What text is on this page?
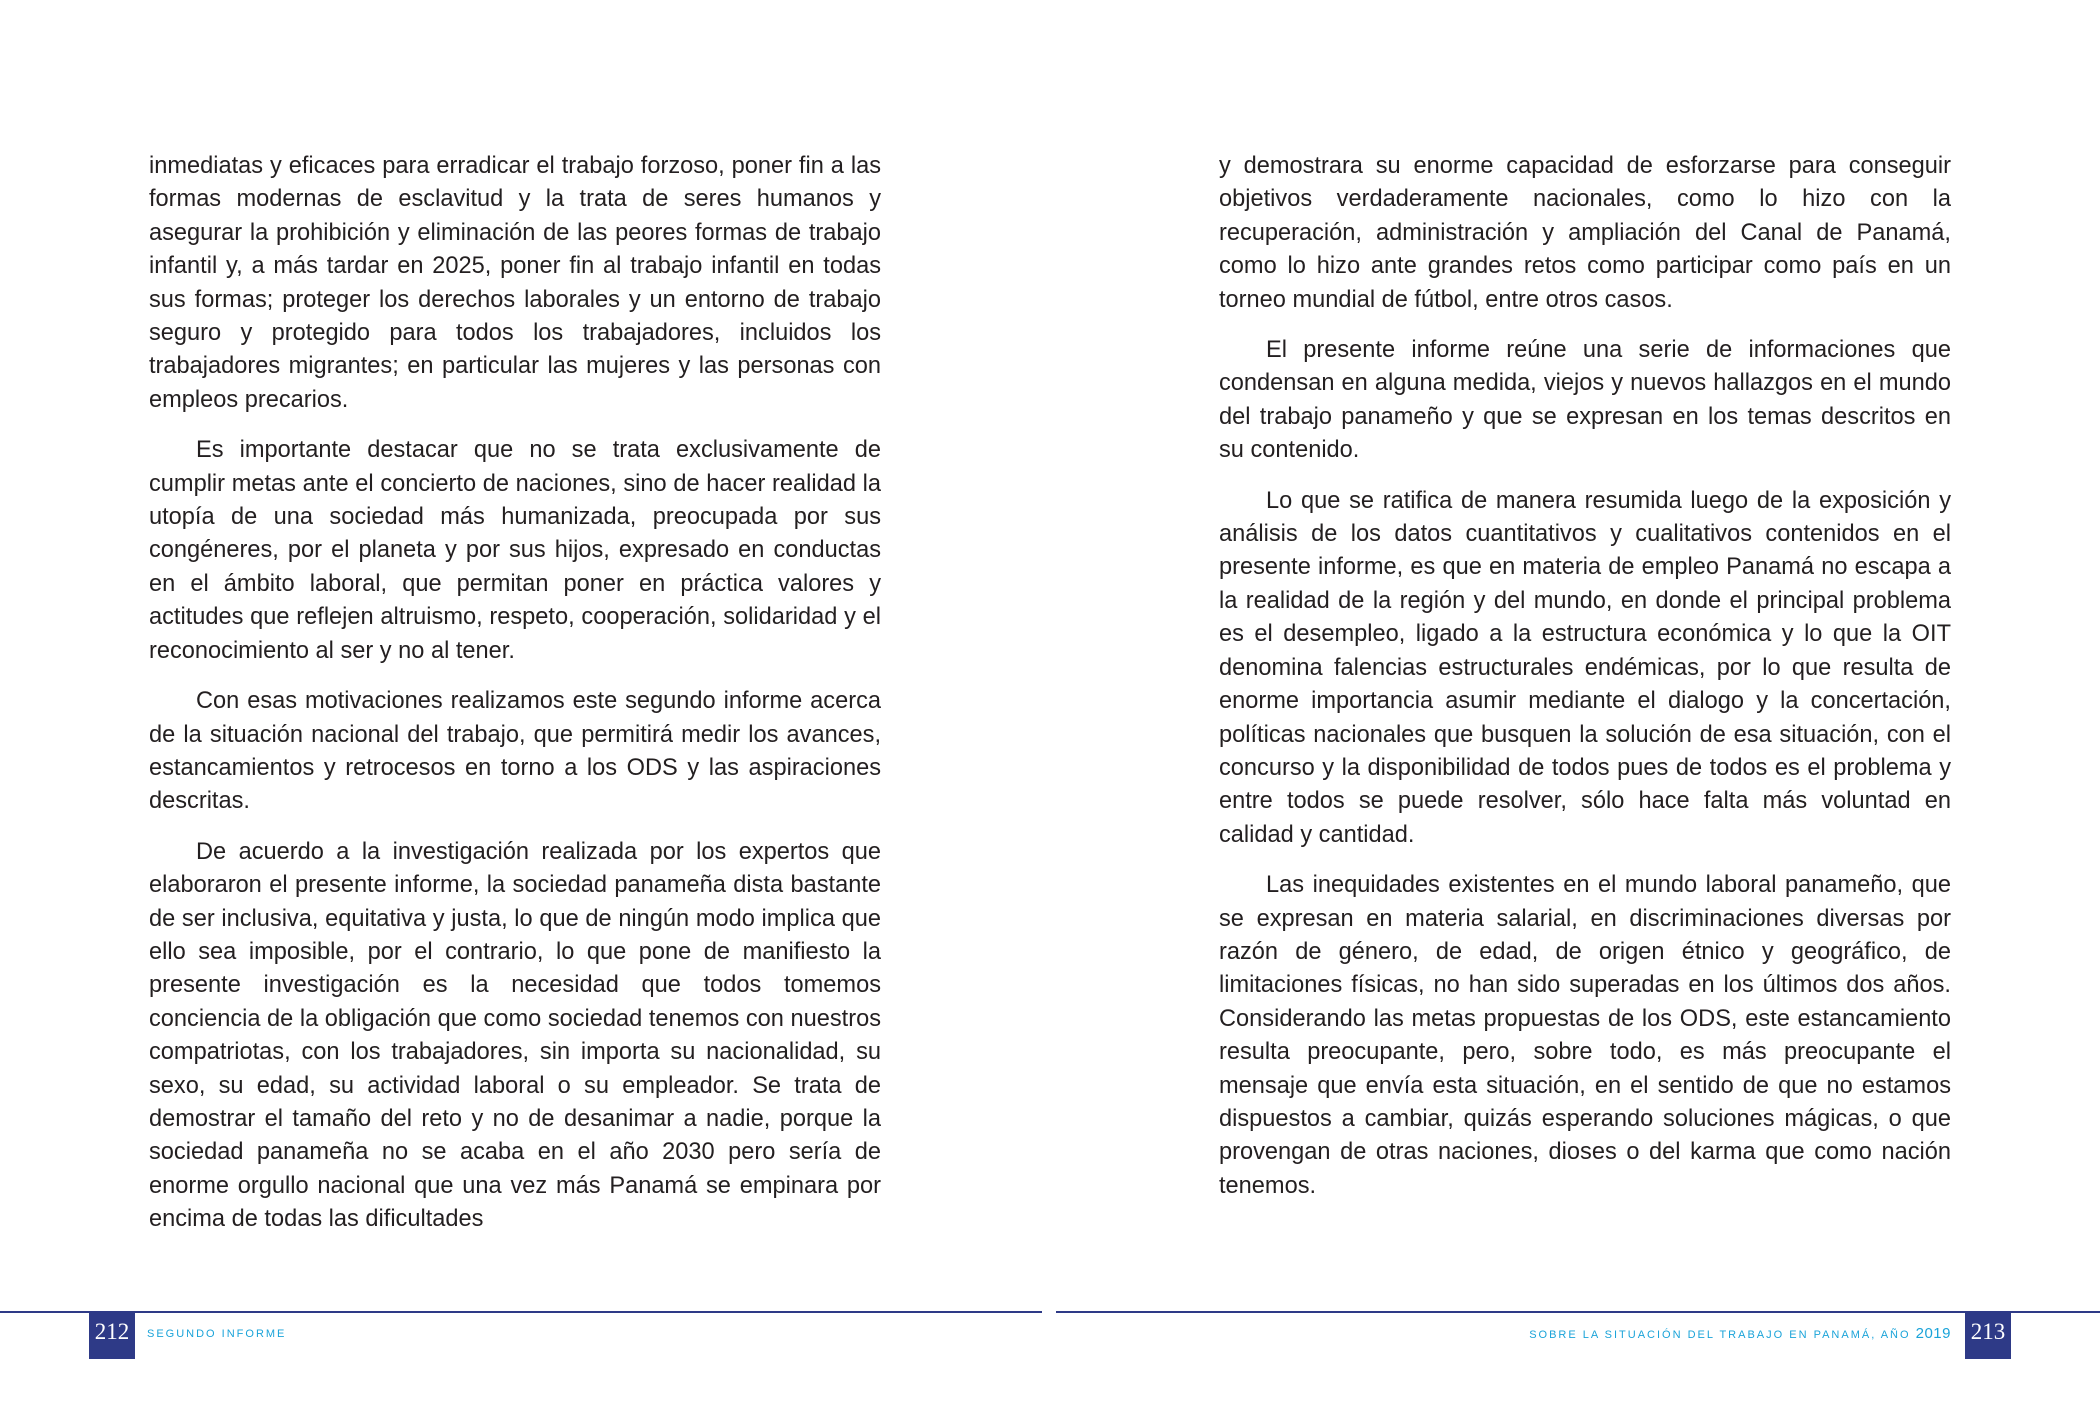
inmediatas y eficaces para erradicar el trabajo forzoso, poner fin a las formas modernas de esclavitud y la trata de seres humanos y asegurar la prohibición y eliminación de las peores formas de trabajo infantil y, a más tardar en 2025, poner fin al trabajo infantil en todas sus formas; proteger los derechos laborales y un entorno de trabajo seguro y protegido para todos los trabajadores, incluidos los trabajadores migrantes; en particular las mujeres y las personas con empleos precarios.

Es importante destacar que no se trata exclusivamente de cumplir metas ante el concierto de naciones, sino de hacer realidad la utopía de una sociedad más humanizada, preocupada por sus congéneres, por el planeta y por sus hijos, expresado en conductas en el ámbito laboral, que permitan poner en práctica valores y actitudes que reflejen altruismo, respeto, cooperación, solidaridad y el reconocimiento al ser y no al tener.

Con esas motivaciones realizamos este segundo informe acerca de la situación nacional del trabajo, que permitirá medir los avances, estancamientos y retrocesos en torno a los ODS y las aspiraciones descritas.

De acuerdo a la investigación realizada por los expertos que elaboraron el presente informe, la sociedad panameña dista bastante de ser inclusiva, equitativa y justa, lo que de ningún modo implica que ello sea imposible, por el contrario, lo que pone de manifiesto la presente investigación es la necesidad que todos tomemos conciencia de la obligación que como sociedad tenemos con nuestros compatriotas, con los trabajadores, sin importa su nacionalidad, su sexo, su edad, su actividad laboral o su empleador. Se trata de demostrar el tamaño del reto y no de desanimar a nadie, porque la sociedad panameña no se acaba en el año 2030 pero sería de enorme orgullo nacional que una vez más Panamá se empinara por encima de todas las dificultades

y demostrara su enorme capacidad de esforzarse para conseguir objetivos verdaderamente nacionales, como lo hizo con la recuperación, administración y ampliación del Canal de Panamá, como lo hizo ante grandes retos como participar como país en un torneo mundial de fútbol, entre otros casos.

El presente informe reúne una serie de informaciones que condensan en alguna medida, viejos y nuevos hallazgos en el mundo del trabajo panameño y que se expresan en los temas descritos en su contenido.

Lo que se ratifica de manera resumida luego de la exposición y análisis de los datos cuantitativos y cualitativos contenidos en el presente informe, es que en materia de empleo Panamá no escapa a la realidad de la región y del mundo, en donde el principal problema es el desempleo, ligado a la estructura económica y lo que la OIT denomina falencias estructurales endémicas, por lo que resulta de enorme importancia asumir mediante el dialogo y la concertación, políticas nacionales que busquen la solución de esa situación, con el concurso y la disponibilidad de todos pues de todos es el problema y entre todos se puede resolver, sólo hace falta más voluntad en calidad y cantidad.

Las inequidades existentes en el mundo laboral panameño, que se expresan en materia salarial, en discriminaciones diversas por razón de género, de edad, de origen étnico y geográfico, de limitaciones físicas, no han sido superadas en los últimos dos años. Considerando las metas propuestas de los ODS, este estancamiento resulta preocupante, pero, sobre todo, es más preocupante el mensaje que envía esta situación, en el sentido de que no estamos dispuestos a cambiar, quizás esperando soluciones mágicas, o que provengan de otras naciones, dioses o del karma que como nación tenemos.

212	SEGUNDO INFORME	SOBRE LA SITUACIÓN DEL TRABAJO EN PANAMÁ, AÑO 2019 213
